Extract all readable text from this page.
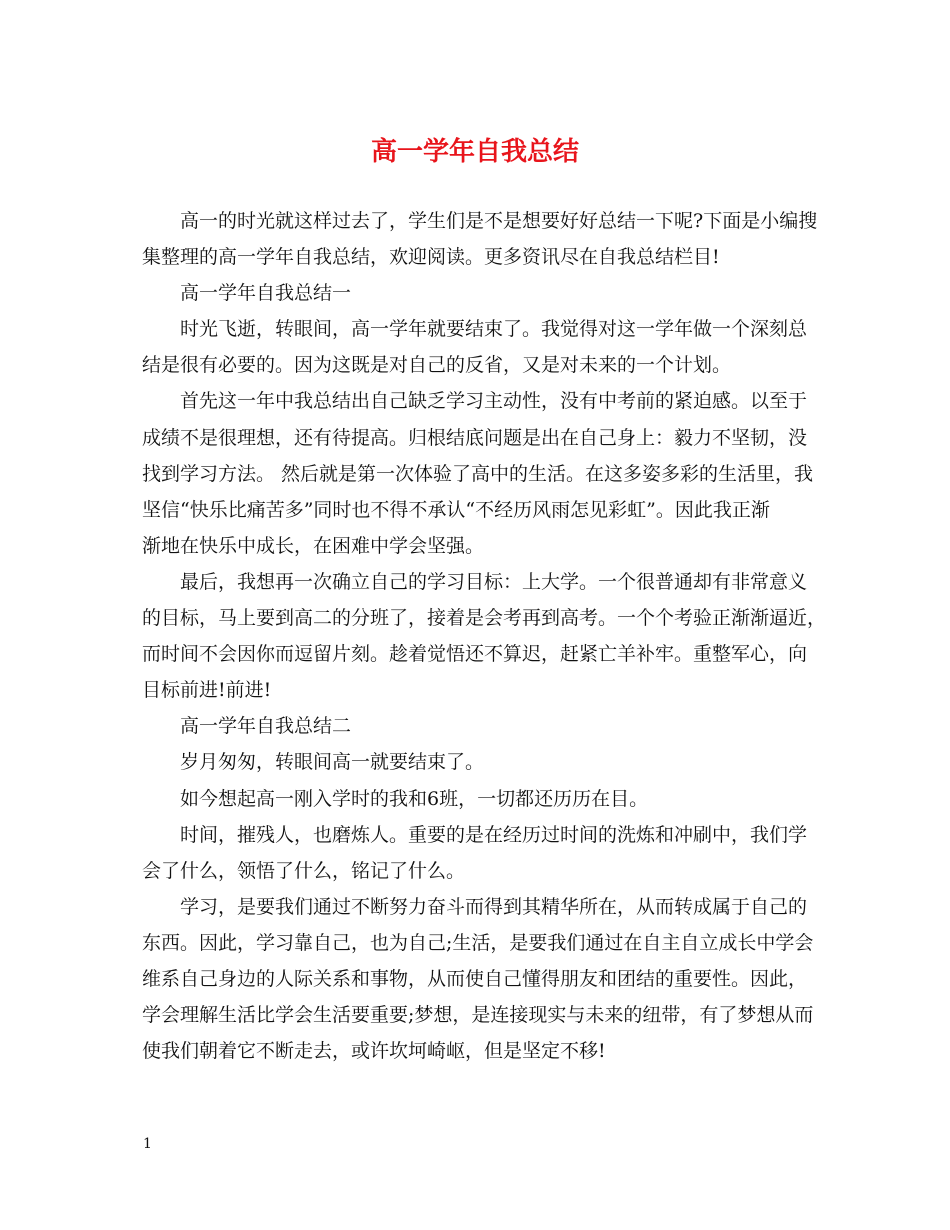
高一学年自我总结
高一的时光就这样过去了，学生们是不是想要好好总结一下呢?下面是小编搜
集整理的高一学年自我总结，欢迎阅读。更多资讯尽在自我总结栏目!
高一学年自我总结一
时光飞逝，转眼间，高一学年就要结束了。我觉得对这一学年做一个深刻总
结是很有必要的。因为这既是对自己的反省，又是对未来的一个计划。
首先这一年中我总结出自己缺乏学习主动性，没有中考前的紧迫感。以至于
成绩不是很理想，还有待提高。归根结底问题是出在自己身上：毅力不坚韧，没
找到学习方法。 然后就是第一次体验了高中的生活。在这多姿多彩的生活里，我
坚信“快乐比痛苦多”同时也不得不承认“不经历风雨怎见彩虹”。因此我正渐
渐地在快乐中成长，在困难中学会坚强。
最后，我想再一次确立自己的学习目标：上大学。一个很普通却有非常意义
的目标，马上要到高二的分班了，接着是会考再到高考。一个个考验正渐渐逼近，
而时间不会因你而逗留片刻。趁着觉悟还不算迟，赶紧亡羊补牢。重整军心，向
目标前进!前进!
高一学年自我总结二
岁月匆匆，转眼间高一就要结束了。
如今想起高一刚入学时的我和6班，一切都还历历在目。
时间，摧残人，也磨炼人。重要的是在经历过时间的洗炼和冲刷中，我们学
会了什么，领悟了什么，铭记了什么。
学习，是要我们通过不断努力奋斗而得到其精华所在，从而转成属于自己的
东西。因此，学习靠自己，也为自己;生活，是要我们通过在自主自立成长中学会
维系自己身边的人际关系和事物，从而使自己懂得朋友和团结的重要性。因此，
学会理解生活比学会生活要重要;梦想，是连接现实与未来的纽带，有了梦想从而
使我们朝着它不断走去，或许坎坷崎岖，但是坚定不移!
1
